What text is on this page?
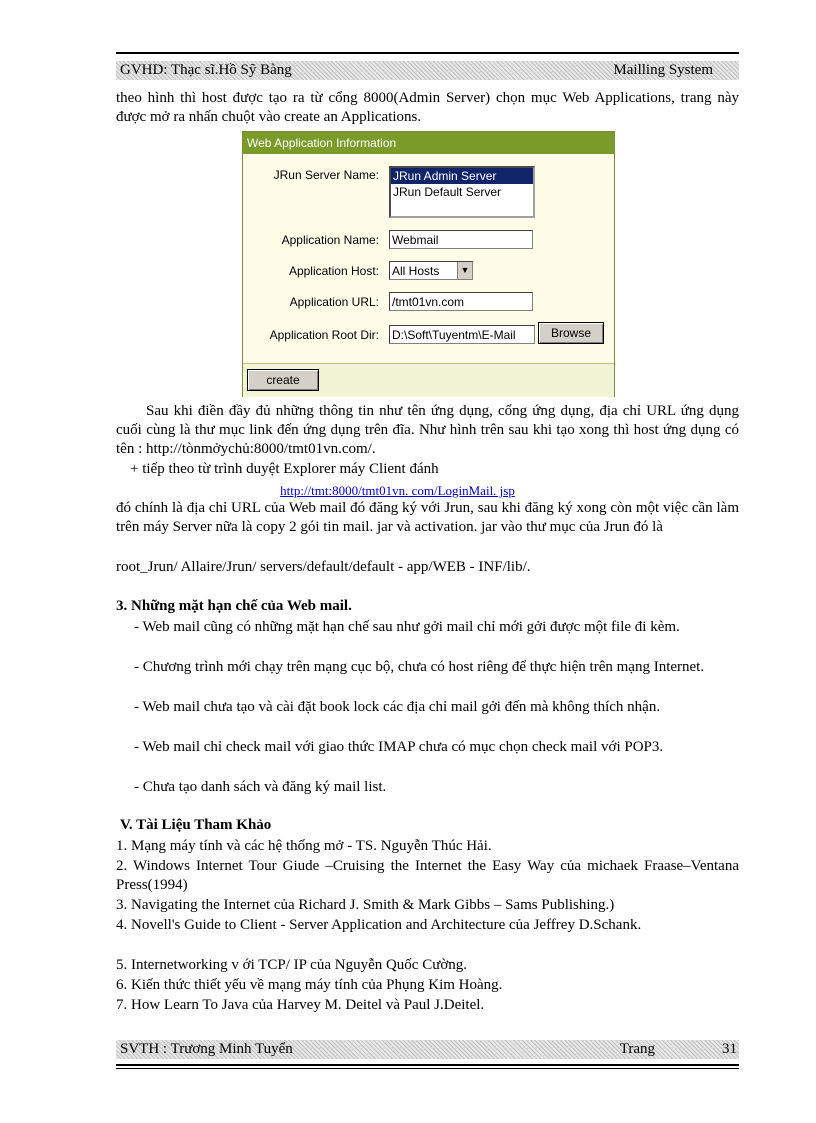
GVHD: Thạc sĩ.Hồ Sỹ Bàng	Mailling System
theo hình thì host được tạo ra từ cổng 8000(Admin Server) chọn mục Web Applications, trang này được mở ra nhấn chuột vào create an Applications.
Web Application Information
JRun Server Name: JRun Admin Server
JRun Default Server
Application Name: Webmail
Application Host: All Hosts	▼
Application URL: /tmt01vn.com
Application Root Dir: D:\Soft\Tuyentm\E-Mail	Browse
create
Sau khi điền đầy đủ những thông tin như tên ứng dụng, cổng ứng dụng, địa chỉ URL ứng dụng cuối cùng là thư mục link đến ứng dụng trên đĩa. Như hình trên sau khi tạo xong thì host ứng dụng có tên : http://tònmởychủ:8000/tmt01vn.com/.
+ tiếp theo từ trình duyệt Explorer máy Client đánh
http://tmt:8000/tmt01vn. com/LoginMail. jsp
đó chính là địa chỉ URL của Web mail đó đăng ký với Jrun, sau khi đăng ký xong còn một việc cần làm trên máy Server nữa là copy 2 gói tin mail. jar và activation. jar vào thư mục của Jrun đó là
root_Jrun/ Allaire/Jrun/ servers/default/default - app/WEB - INF/lib/.
3. Những mặt hạn chế của Web mail.
- Web mail cũng có những mặt hạn chế sau như gởi mail chỉ mới gởi được một file đi kèm.
- Chương trình mới chạy trên mạng cục bộ, chưa có host riêng để thực hiện trên mạng Internet.
- Web mail chưa tạo và cài đặt book lock các địa chỉ mail gởi đến mà không thích nhận.
- Web mail chỉ check mail với giao thức IMAP chưa có mục chọn check mail với POP3.
- Chưa tạo danh sách và đăng ký mail list.
V. Tài Liệu Tham Khảo
1. Mạng máy tính và các hệ thống mở - TS. Nguyễn Thúc Hải.
2. Windows Internet Tour Giude –Cruising the Internet the Easy Way của michaek Fraase–Ventana Press(1994)
3. Navigating the Internet của Richard J. Smith & Mark Gibbs – Sams Publishing.)
4. Novell's Guide to Client - Server Application and Architecture của Jeffrey D.Schank.
5. Internetworking v ới TCP/ IP của Nguyễn Quốc Cường.
6. Kiến thức thiết yếu về mạng máy tính của Phụng Kim Hoàng.
7. How Learn To Java của Harvey M. Deitel và Paul J.Deitel.
SVTH : Trương Minh Tuyển	Trang	31
